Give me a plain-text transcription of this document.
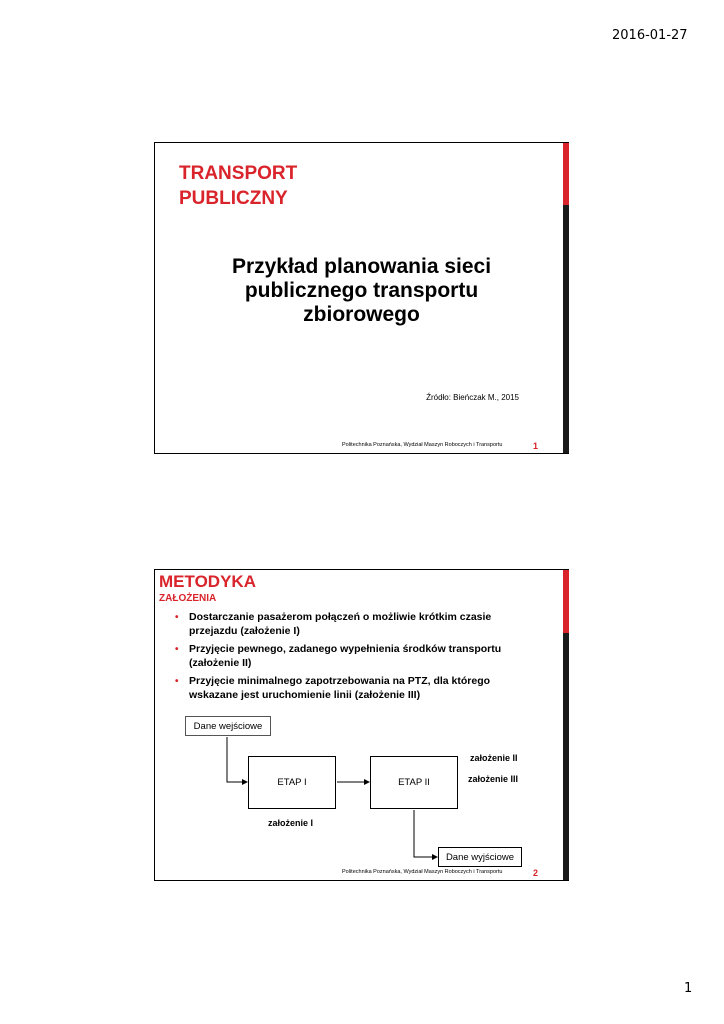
2016-01-27
TRANSPORT
PUBLICZNY
Przykład planowania sieci
publicznego transportu
zbiorowego
Źródło: Bieńczak M., 2015
Politechnika Poznańska, Wydział Maszyn Roboczych i Transportu	1
METODYKA
ZAŁOŻENIA
• Dostarczanie pasażerom połączeń o możliwie krótkim czasie
przejazdu (założenie I)
• Przyjęcie pewnego, zadanego wypełnienia środków transportu
(założenie II)
• Przyjęcie minimalnego zapotrzebowania na PTZ, dla którego
wskazane jest uruchomienie linii (założenie III)
Dane wejściowe
ETAP I	ETAP II
Dane wyjściowe
założenie II
założenie III
założenie I
Politechnika Poznańska, Wydział Maszyn Roboczych i Transportu	2
1
